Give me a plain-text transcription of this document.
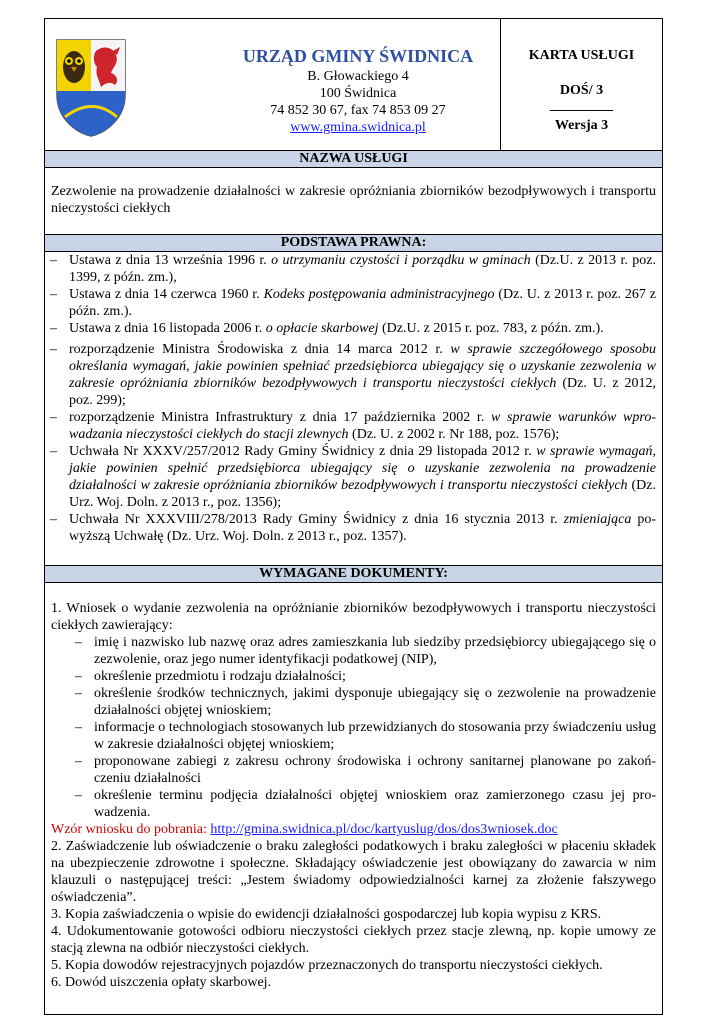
URZĄD GMINY ŚWIDNICA
B. Głowackiego 4
100 Świdnica
74 852 30 67, fax 74 853 09 27
www.gmina.swidnica.pl
KARTA USŁUGI
DOŚ/ 3
_________
Wersja 3
NAZWA USŁUGI
Zezwolenie na prowadzenie działalności w zakresie opróżniania zbiorników bezodpływowych i transportu nieczystości ciekłych
PODSTAWA PRAWNA:
– Ustawa z dnia 13 września 1996 r. o utrzymaniu czystości i porządku w gminach (Dz.U. z 2013 r. poz. 1399, z późn. zm.),
– Ustawa z dnia 14 czerwca 1960 r. Kodeks postępowania administracyjnego (Dz. U. z 2013 r. poz. 267 z późn. zm.).
– Ustawa z dnia 16 listopada 2006 r. o opłacie skarbowej (Dz.U. z 2015 r. poz. 783, z późn. zm.).
– rozporządzenie Ministra Środowiska z dnia 14 marca 2012 r. w sprawie szczegółowego sposobu określania wymagań, jakie powinien spełniać przedsiębiorca ubiegający się o uzyskanie zezwolenia w zakresie opróżniania zbiorników bezodpływowych i transportu nieczystości ciekłych (Dz. U. z 2012, poz. 299);
– rozporządzenie Ministra Infrastruktury z dnia 17 października 2002 r. w sprawie warunków wprowadzania nieczystości ciekłych do stacji zlewnych (Dz. U. z 2002 r. Nr 188, poz. 1576);
– Uchwała Nr XXXV/257/2012 Rady Gminy Świdnicy z dnia 29 listopada 2012 r. w sprawie wymagań, jakie powinien spełnić przedsiębiorca ubiegający się o uzyskanie zezwolenia na prowadzenie działalności w zakresie opróżniania zbiorników bezodpływowych i transportu nieczystości ciekłych (Dz. Urz. Woj. Doln. z 2013 r., poz. 1356);
– Uchwała Nr XXXVIII/278/2013 Rady Gminy Świdnicy z dnia 16 stycznia 2013 r. zmieniająca powyższą Uchwałę (Dz. Urz. Woj. Doln. z 2013 r., poz. 1357).
WYMAGANE DOKUMENTY:
1. Wniosek o wydanie zezwolenia na opróżnianie zbiorników bezodpływowych i transportu nieczystości ciekłych zawierający:
– imię i nazwisko lub nazwę oraz adres zamieszkania lub siedziby przedsiębiorcy ubiegającego się o zezwolenie, oraz jego numer identyfikacji podatkowej (NIP),
– określenie przedmiotu i rodzaju działalności;
– określenie środków technicznych, jakimi dysponuje ubiegający się o zezwolenie na prowadzenie działalności objętej wnioskiem;
– informacje o technologiach stosowanych lub przewidzianych do stosowania przy świadczeniu usług w zakresie działalności objętej wnioskiem;
– proponowane zabiegi z zakresu ochrony środowiska i ochrony sanitarnej planowane po zakończeniu działalności
– określenie terminu podjęcia działalności objętej wnioskiem oraz zamierzonego czasu jej prowadzenia.
Wzór wniosku do pobrania: http://gmina.swidnica.pl/doc/kartyuslug/dos/dos3wniosek.doc
2. Zaświadczenie lub oświadczenie o braku zaległości podatkowych i braku zaległości w płaceniu składek na ubezpieczenie zdrowotne i społeczne. Składający oświadczenie jest obowiązany do zawarcia w nim klauzuli o następującej treści: „Jestem świadomy odpowiedzialności karnej za złożenie fałszywego oświadczenia”.
3. Kopia zaświadczenia o wpisie do ewidencji działalności gospodarczej lub kopia wypisu z KRS.
4. Udokumentowanie gotowości odbioru nieczystości ciekłych przez stacje zlewną, np. kopie umowy ze stacją zlewna na odbiór nieczystości ciekłych.
5. Kopia dowodów rejestracyjnych pojazdów przeznaczonych do transportu nieczystości ciekłych.
6. Dowód uiszczenia opłaty skarbowej.
